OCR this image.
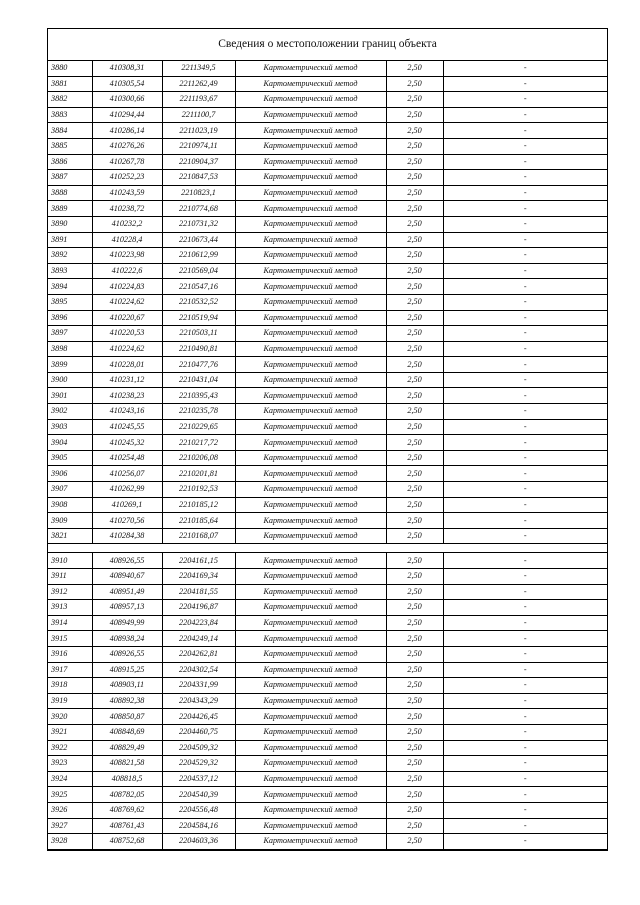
Сведения о местоположении границ объекта
3880	410308,31	2211349,5	Картометрический метод	2,50	-
3881	410305,54	2211262,49	Картометрический метод	2,50	-
3882	410300,66	2211193,67	Картометрический метод	2,50	-
3883	410294,44	2211100,7	Картометрический метод	2,50	-
3884	410286,14	2211023,19	Картометрический метод	2,50	-
3885	410276,26	2210974,11	Картометрический метод	2,50	-
3886	410267,78	2210904,37	Картометрический метод	2,50	-
3887	410252,23	2210847,53	Картометрический метод	2,50	-
3888	410243,59	2210823,1	Картометрический метод	2,50	-
3889	410238,72	2210774,68	Картометрический метод	2,50	-
3890	410232,2	2210731,32	Картометрический метод	2,50	-
3891	410228,4	2210673,44	Картометрический метод	2,50	-
3892	410223,98	2210612,99	Картометрический метод	2,50	-
3893	410222,6	2210569,04	Картометрический метод	2,50	-
3894	410224,83	2210547,16	Картометрический метод	2,50	-
3895	410224,62	2210532,52	Картометрический метод	2,50	-
3896	410220,67	2210519,94	Картометрический метод	2,50	-
3897	410220,53	2210503,11	Картометрический метод	2,50	-
3898	410224,62	2210490,81	Картометрический метод	2,50	-
3899	410228,01	2210477,76	Картометрический метод	2,50	-
3900	410231,12	2210431,04	Картометрический метод	2,50	-
3901	410238,23	2210395,43	Картометрический метод	2,50	-
3902	410243,16	2210235,78	Картометрический метод	2,50	-
3903	410245,55	2210229,65	Картометрический метод	2,50	-
3904	410245,32	2210217,72	Картометрический метод	2,50	-
3905	410254,48	2210206,08	Картометрический метод	2,50	-
3906	410256,07	2210201,81	Картометрический метод	2,50	-
3907	410262,99	2210192,53	Картометрический метод	2,50	-
3908	410269,1	2210185,12	Картометрический метод	2,50	-
3909	410270,56	2210185,64	Картометрический метод	2,50	-
3821	410284,38	2210168,07	Картометрический метод	2,50	-

3910	408926,55	2204161,15	Картометрический метод	2,50	-
3911	408940,67	2204169,34	Картометрический метод	2,50	-
3912	408951,49	2204181,55	Картометрический метод	2,50	-
3913	408957,13	2204196,87	Картометрический метод	2,50	-
3914	408949,99	2204223,84	Картометрический метод	2,50	-
3915	408938,24	2204249,14	Картометрический метод	2,50	-
3916	408926,55	2204262,81	Картометрический метод	2,50	-
3917	408915,25	2204302,54	Картометрический метод	2,50	-
3918	408903,11	2204331,99	Картометрический метод	2,50	-
3919	408892,38	2204343,29	Картометрический метод	2,50	-
3920	408850,87	2204426,45	Картометрический метод	2,50	-
3921	408848,69	2204460,75	Картометрический метод	2,50	-
3922	408829,49	2204509,32	Картометрический метод	2,50	-
3923	408821,58	2204529,32	Картометрический метод	2,50	-
3924	408818,5	2204537,12	Картометрический метод	2,50	-
3925	408782,05	2204540,39	Картометрический метод	2,50	-
3926	408769,62	2204556,48	Картометрический метод	2,50	-
3927	408761,43	2204584,16	Картометрический метод	2,50	-
3928	408752,68	2204603,36	Картометрический метод	2,50	-
